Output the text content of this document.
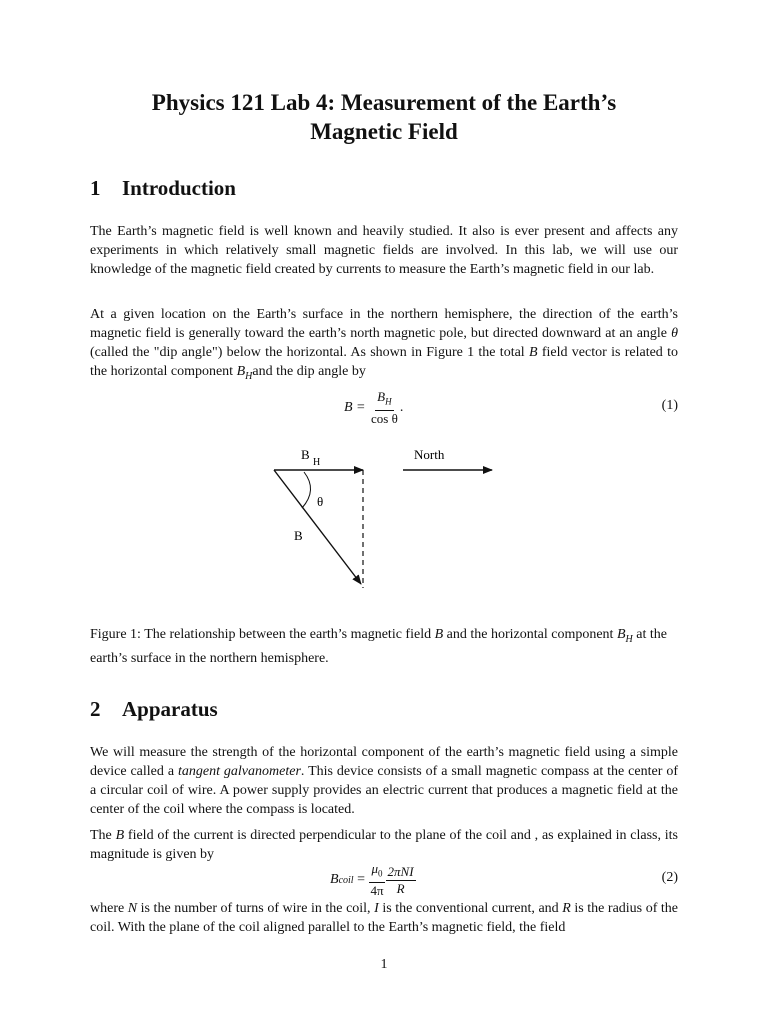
Physics 121 Lab 4: Measurement of the Earth’s
Magnetic Field
1 Introduction

The Earth’s magnetic field is well known and heavily studied. It also is ever present and affects any experiments in which relatively small magnetic fields are involved. In this lab, we will use our knowledge of the magnetic field created by currents to measure the Earth’s magnetic field in our lab.

At a given location on the Earth’s surface in the northern hemisphere, the direction of the earth’s magnetic field is generally toward the earth’s north magnetic pole, but directed downward at an angle θ (called the "dip angle") below the horizontal. As shown in Figure 1 the total B field vector is related to the horizontal component $B_Hand$ the dip angle by

B =
$\frac{B_H}{\text{cos θ}}$ .	(1)
B
H
θ
B
North
Figure 1: The relationship between the earth’s magnetic field B and the horizontal component $B_H$ at the earth’s surface in the northern hemisphere.
2 Apparatus

We will measure the strength of the horizontal component of the earth’s magnetic field using a simple device called a tangent galvanometer. This device consists of a small magnetic compass at the center of a circular coil of wire. A power supply provides an electric current that produces a magnetic field at the center of the coil where the compass is located.

The B field of the current is directed perpendicular to the plane of the coil and , as explained in class, its magnitude is given by

B coil = $\frac{\mu_0}{4\pi} \frac{\text{2πNI}}{R}$	(2)

where N is the number of turns of wire in the coil, I is the conventional current, and R is the radius of the coil. With the plane of the coil aligned parallel to the Earth’s magnetic field, the field

1
